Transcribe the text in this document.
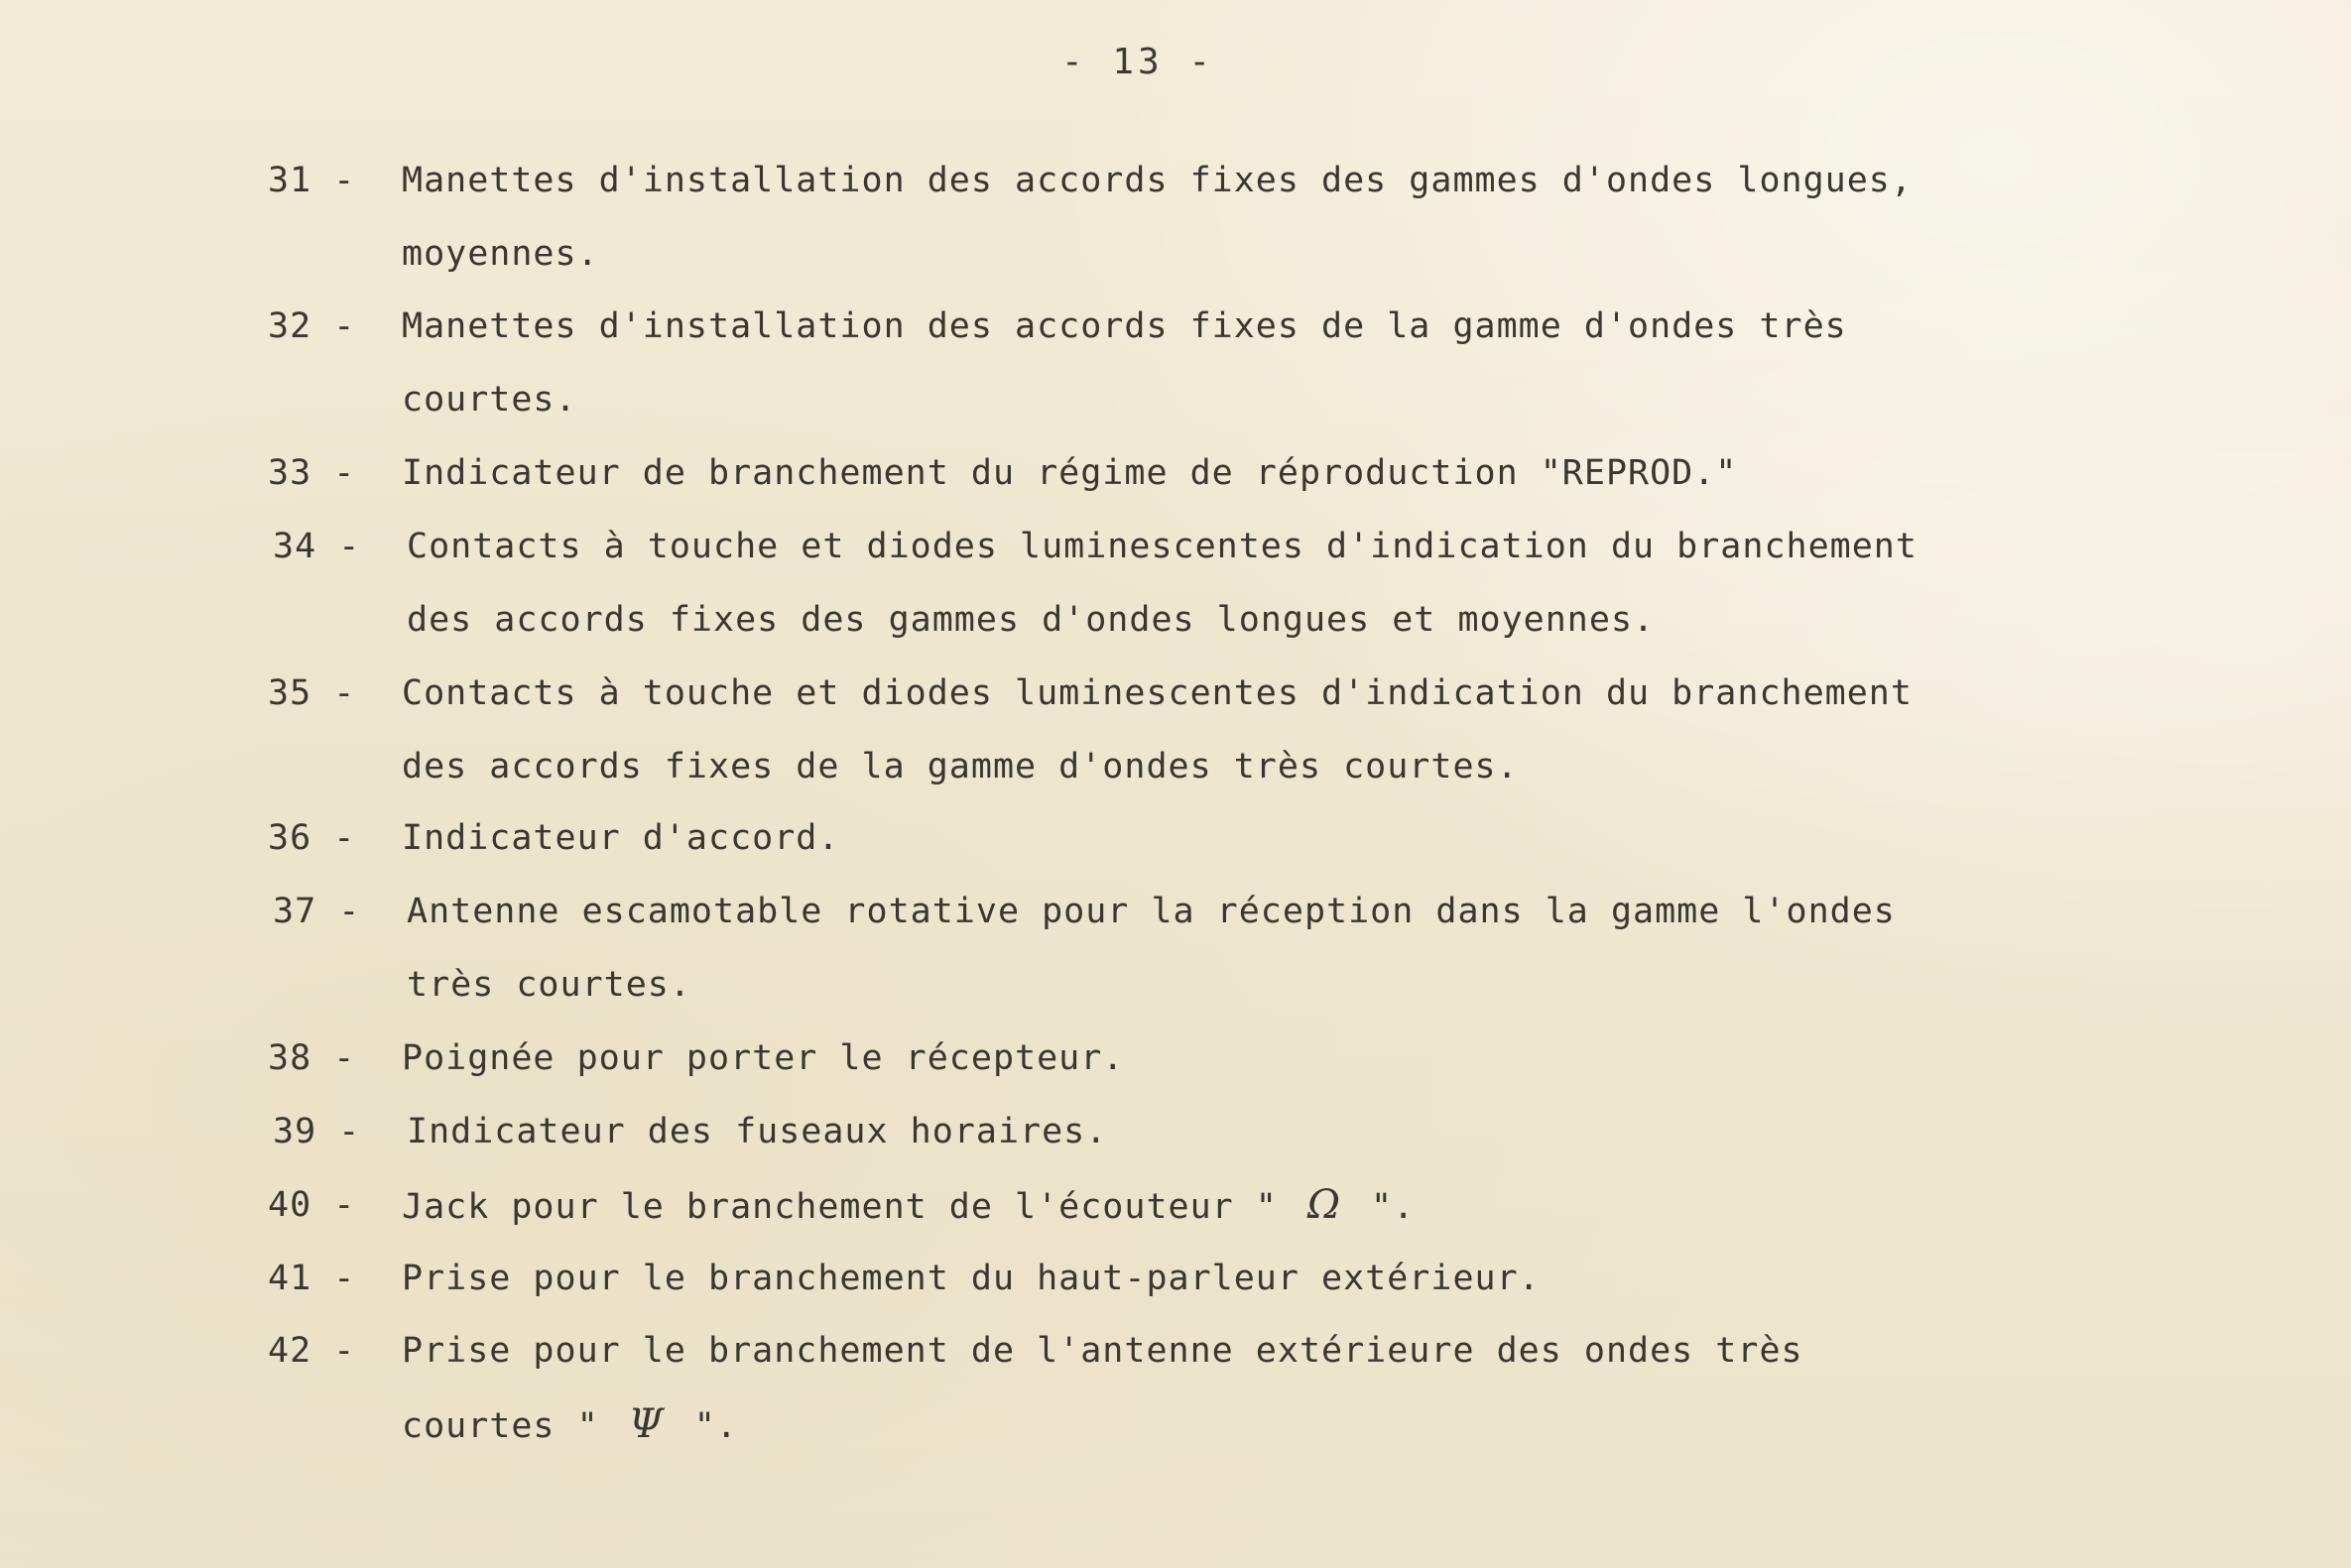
- 13 -
31 - Manettes d'installation des accords fixes des gammes d'ondes longues,
moyennes.
32 - Manettes d'installation des accords fixes de la gamme d'ondes très
courtes.
33 - Indicateur de branchement du régime de réproduction "REPROD."
34 - Contacts à touche et diodes luminescentes d'indication du branchement
des accords fixes des gammes d'ondes longues et moyennes.
35 - Contacts à touche et diodes luminescentes d'indication du branchement
des accords fixes de la gamme d'ondes très courtes.
36 - Indicateur d'accord.
37 - Antenne escamotable rotative pour la réception dans la gamme l'ondes
très courtes.
38 - Poignée pour porter le récepteur.
39 - Indicateur des fuseaux horaires.
40 - Jack pour le branchement de l'écouteur " Ω ".
41 - Prise pour le branchement du haut-parleur extérieur.
42 - Prise pour le branchement de l'antenne extérieure des ondes très
courtes " Ψ ".
